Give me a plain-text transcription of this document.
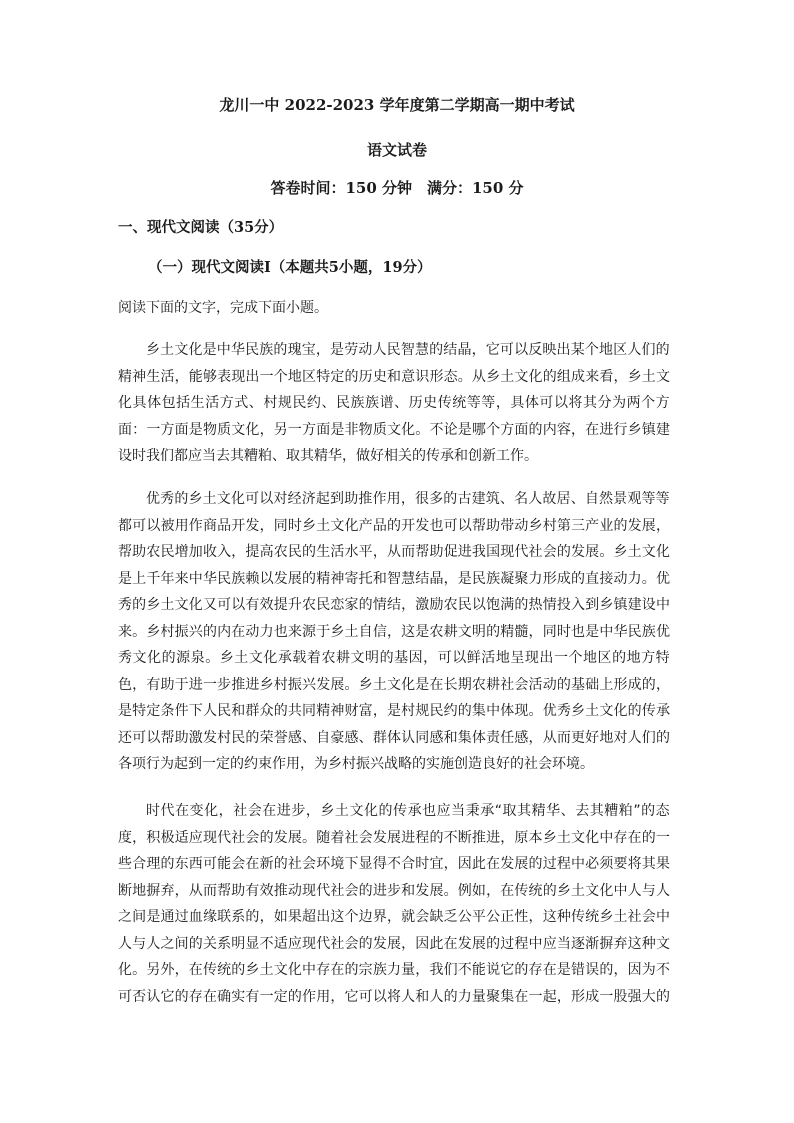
龙川一中 2022-2023 学年度第二学期高一期中考试
语文试卷
答卷时间：150 分钟　满分：150 分
一、现代文阅读（35分）
（一）现代文阅读Ⅰ（本题共5小题，19分）
阅读下面的文字，完成下面小题。
乡 土 文 化 是 中 华 民 族 的 瑰 宝 ， 是 劳 动 人 民 智 慧 的 结 晶 ， 它 可 以 反 映 出 某 个 地 区 人 们 的
精 神 生 活 ， 能 够 表 现 出 一 个 地 区 特 定 的 历 史 和 意 识 形 态 。 从 乡 土 文 化 的 组 成 来 看 ， 乡 土 文
化 具 体 包 括 生 活 方 式 、 村 规 民 约 、 民 族 族 谱 、 历 史 传 统 等 等 ， 具 体 可 以 将 其 分 为 两 个 方
面 ： 一 方 面 是 物 质 文 化 ， 另 一 方 面 是 非 物 质 文 化 。 不 论 是 哪 个 方 面 的 内 容 ， 在 进 行 乡 镇 建
设时我们都应当去其糟粕、取其精华，做好相关的传承和创新工作。
优 秀 的 乡 土 文 化 可 以 对 经 济 起 到 助 推 作 用 ， 很 多 的 古 建 筑 、 名 人 故 居 、 自 然 景 观 等 等
都 可 以 被 用 作 商 品 开 发 ， 同 时 乡 土 文 化 产 品 的 开 发 也 可 以 帮 助 带 动 乡 村 第 三 产 业 的 发 展 ，
帮 助 农 民 增 加 收 入 ， 提 高 农 民 的 生 活 水 平 ， 从 而 帮 助 促 进 我 国 现 代 社 会 的 发 展 。 乡 土 文 化
是 上 千 年 来 中 华 民 族 赖 以 发 展 的 精 神 寄 托 和 智 慧 结 晶 ， 是 民 族 凝 聚 力 形 成 的 直 接 动 力 。 优
秀 的 乡 土 文 化 又 可 以 有 效 提 升 农 民 恋 家 的 情 结 ， 激 励 农 民 以 饱 满 的 热 情 投 入 到 乡 镇 建 设 中
来 。 乡 村 振 兴 的 内 在 动 力 也 来 源 于 乡 土 自 信 ， 这 是 农 耕 文 明 的 精 髓 ， 同 时 也 是 中 华 民 族 优
秀 文 化 的 源 泉 。 乡 土 文 化 承 载 着 农 耕 文 明 的 基 因 ， 可 以 鲜 活 地 呈 现 出 一 个 地 区 的 地 方 特
色 ， 有 助 于 进 一 步 推 进 乡 村 振 兴 发 展 。 乡 土 文 化 是 在 长 期 农 耕 社 会 活 动 的 基 础 上 形 成 的 ，
是 特 定 条 件 下 人 民 和 群 众 的 共 同 精 神 财 富 ， 是 村 规 民 约 的 集 中 体 现 。 优 秀 乡 土 文 化 的 传 承
还 可 以 帮 助 激 发 村 民 的 荣 誉 感 、 自 豪 感 、 群 体 认 同 感 和 集 体 责 任 感 ， 从 而 更 好 地 对 人 们 的
各项行为起到一定的约束作用，为乡村振兴战略的实施创造良好的社会环境。
时 代 在 变 化 ， 社 会 在 进 步 ， 乡 土 文 化 的 传 承 也 应 当 秉 承 “ 取 其 精 华 、 去 其 糟 粕 ” 的 态
度 ， 积 极 适 应 现 代 社 会 的 发 展 。 随 着 社 会 发 展 进 程 的 不 断 推 进 ， 原 本 乡 土 文 化 中 存 在 的 一
些 合 理 的 东 西 可 能 会 在 新 的 社 会 环 境 下 显 得 不 合 时 宜 ， 因 此 在 发 展 的 过 程 中 必 须 要 将 其 果
断 地 摒 弃 ， 从 而 帮 助 有 效 推 动 现 代 社 会 的 进 步 和 发 展 。 例 如 ， 在 传 统 的 乡 土 文 化 中 人 与 人
之 间 是 通 过 血 缘 联 系 的 ， 如 果 超 出 这 个 边 界 ， 就 会 缺 乏 公 平 公 正 性 ， 这 种 传 统 乡 土 社 会 中
人 与 人 之 间 的 关 系 明 显 不 适 应 现 代 社 会 的 发 展 ， 因 此 在 发 展 的 过 程 中 应 当 逐 渐 摒 弃 这 种 文
化 。 另 外 ， 在 传 统 的 乡 土 文 化 中 存 在 的 宗 族 力 量 ， 我 们 不 能 说 它 的 存 在 是 错 误 的 ， 因 为 不
可 否 认 它 的 存 在 确 实 有 一 定 的 作 用 ， 它 可 以 将 人 和 人 的 力 量 聚 集 在 一 起 ， 形 成 一 股 强 大 的
